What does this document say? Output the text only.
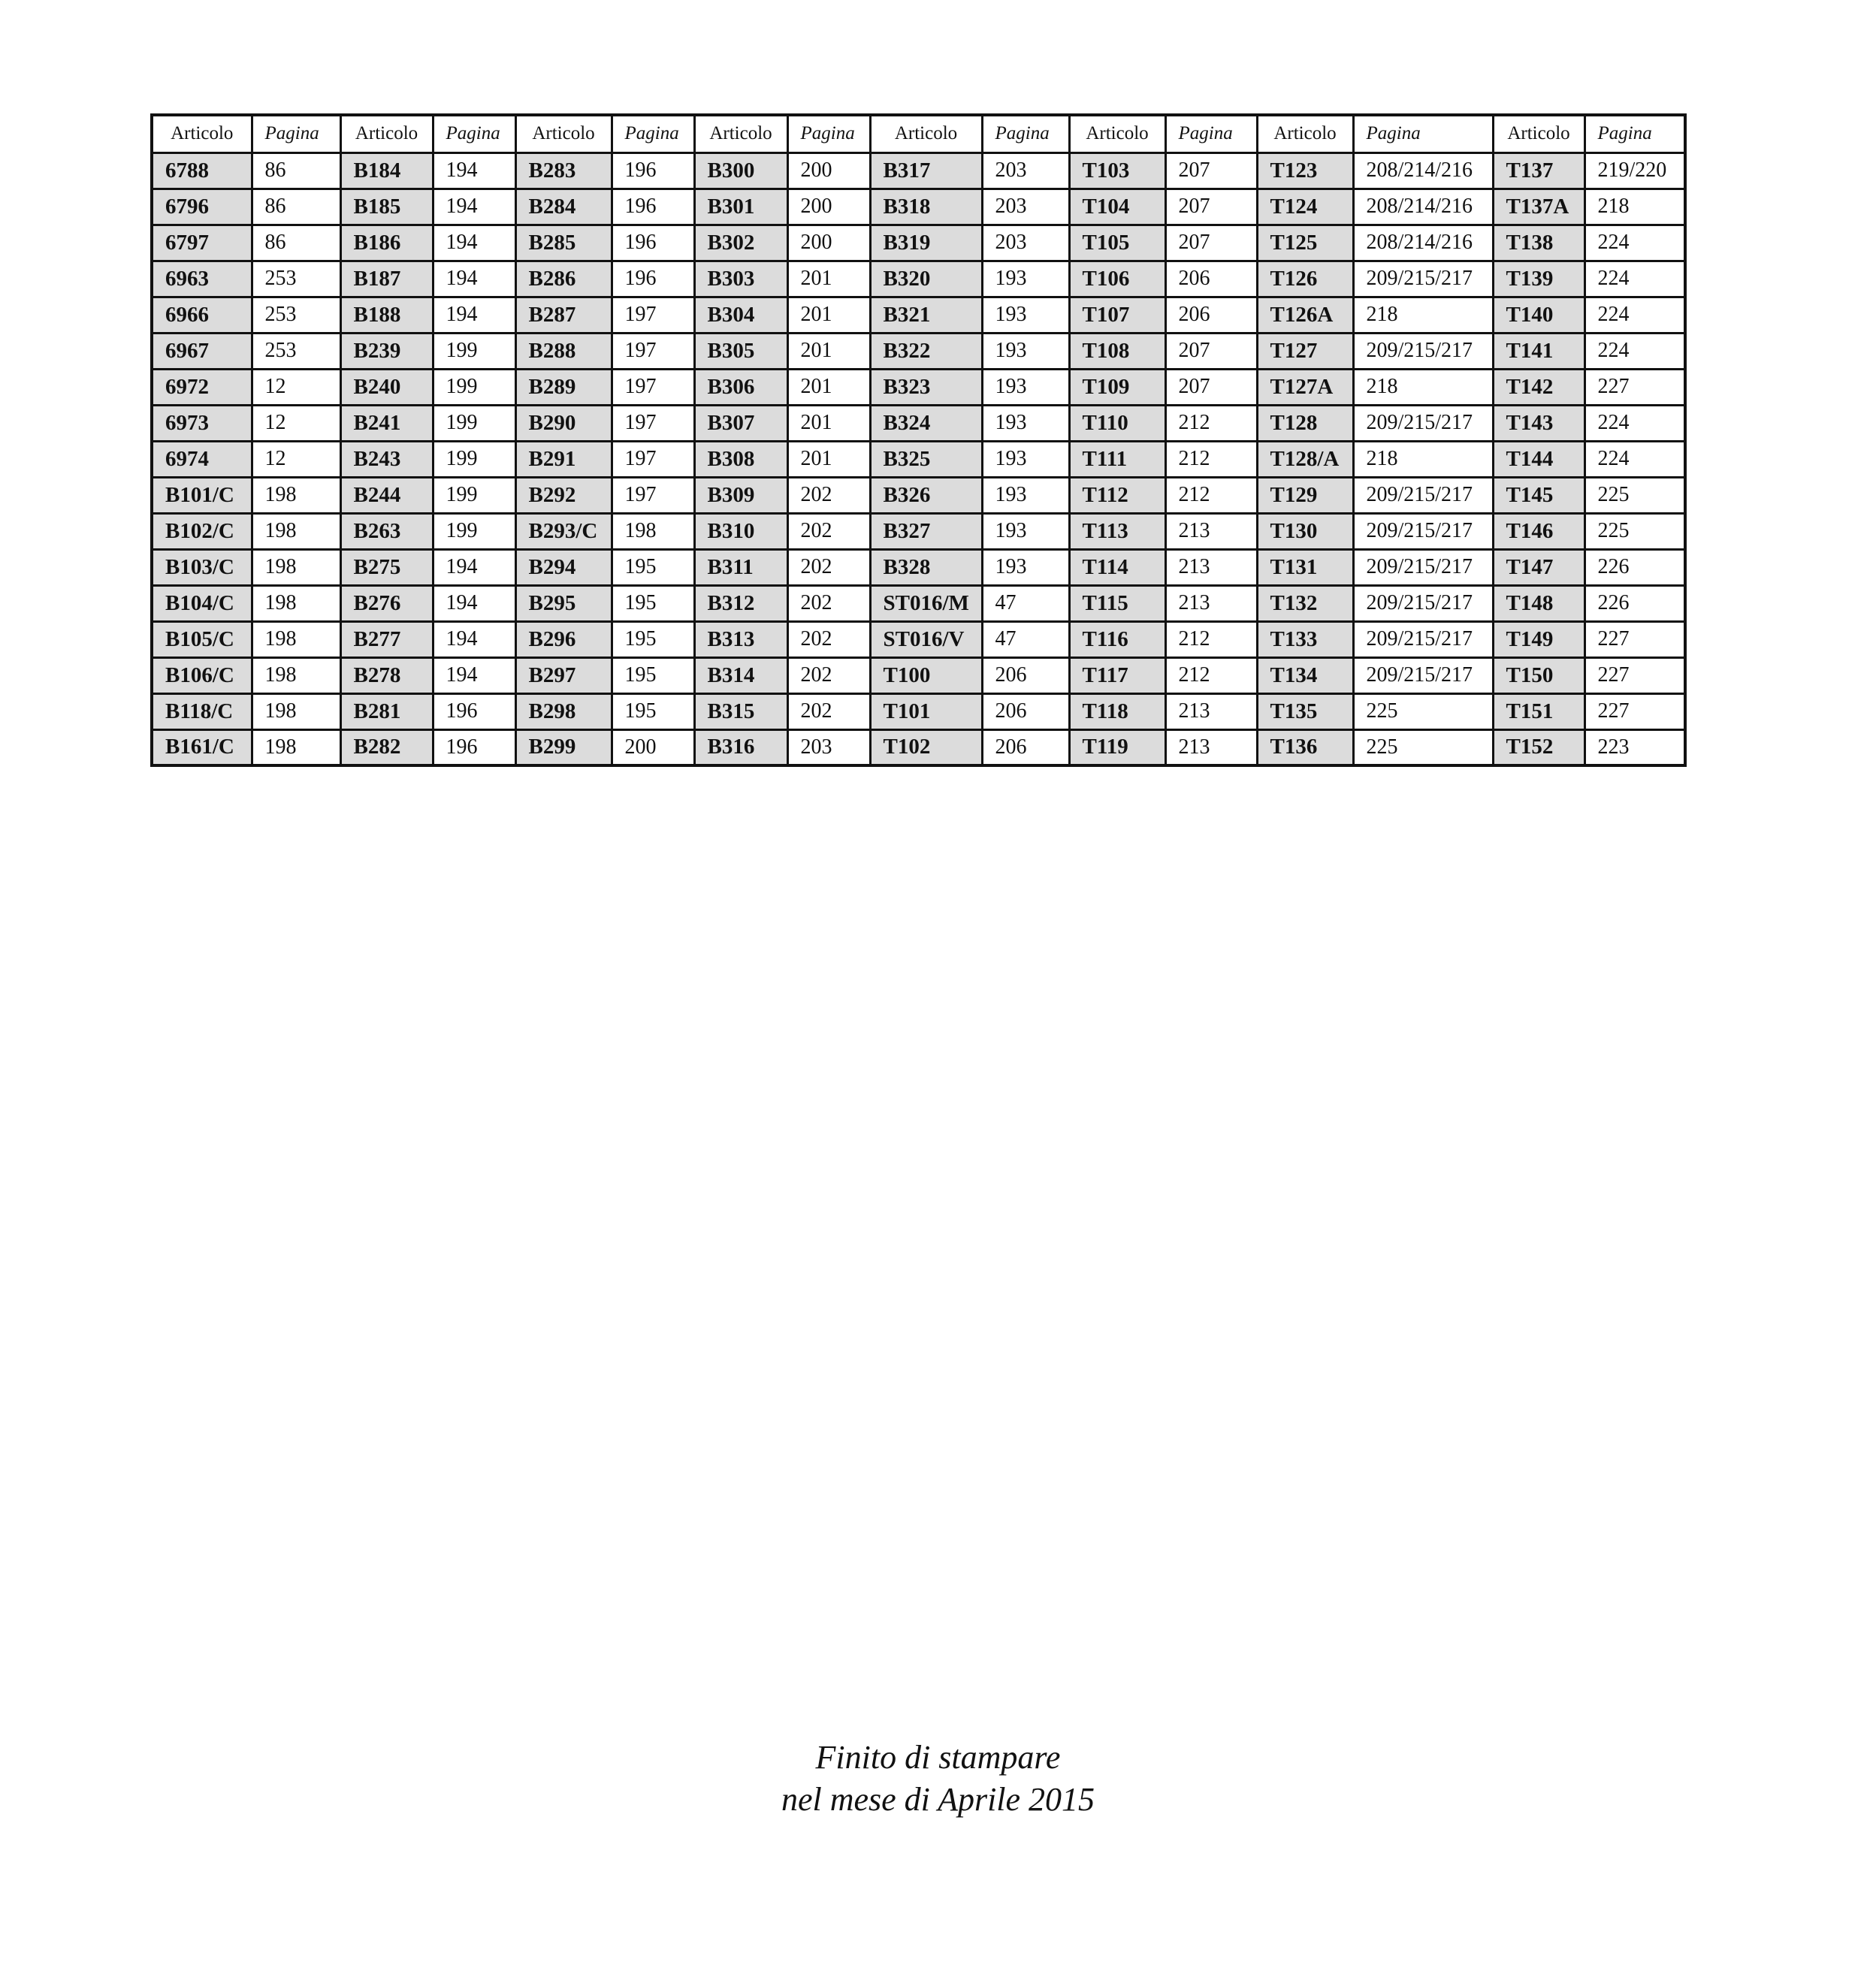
Articolo	Pagina	Articolo	Pagina	Articolo	Pagina	Articolo	Pagina	Articolo	Pagina	Articolo	Pagina	Articolo	Pagina	Articolo	Pagina
6788	86	B184	194	B283	196	B300	200	B317	203	T103	207	T123	208/214/216	T137	219/220
6796	86	B185	194	B284	196	B301	200	B318	203	T104	207	T124	208/214/216	T137A	218
6797	86	B186	194	B285	196	B302	200	B319	203	T105	207	T125	208/214/216	T138	224
6963	253	B187	194	B286	196	B303	201	B320	193	T106	206	T126	209/215/217	T139	224
6966	253	B188	194	B287	197	B304	201	B321	193	T107	206	T126A	218	T140	224
6967	253	B239	199	B288	197	B305	201	B322	193	T108	207	T127	209/215/217	T141	224
6972	12	B240	199	B289	197	B306	201	B323	193	T109	207	T127A	218	T142	227
6973	12	B241	199	B290	197	B307	201	B324	193	T110	212	T128	209/215/217	T143	224
6974	12	B243	199	B291	197	B308	201	B325	193	T111	212	T128/A	218	T144	224
B101/C	198	B244	199	B292	197	B309	202	B326	193	T112	212	T129	209/215/217	T145	225
B102/C	198	B263	199	B293/C	198	B310	202	B327	193	T113	213	T130	209/215/217	T146	225
B103/C	198	B275	194	B294	195	B311	202	B328	193	T114	213	T131	209/215/217	T147	226
B104/C	198	B276	194	B295	195	B312	202	ST016/M	47	T115	213	T132	209/215/217	T148	226
B105/C	198	B277	194	B296	195	B313	202	ST016/V	47	T116	212	T133	209/215/217	T149	227
B106/C	198	B278	194	B297	195	B314	202	T100	206	T117	212	T134	209/215/217	T150	227
B118/C	198	B281	196	B298	195	B315	202	T101	206	T118	213	T135	225	T151	227
B161/C	198	B282	196	B299	200	B316	203	T102	206	T119	213	T136	225	T152	223
Finito di stampare
nel mese di Aprile 2015
